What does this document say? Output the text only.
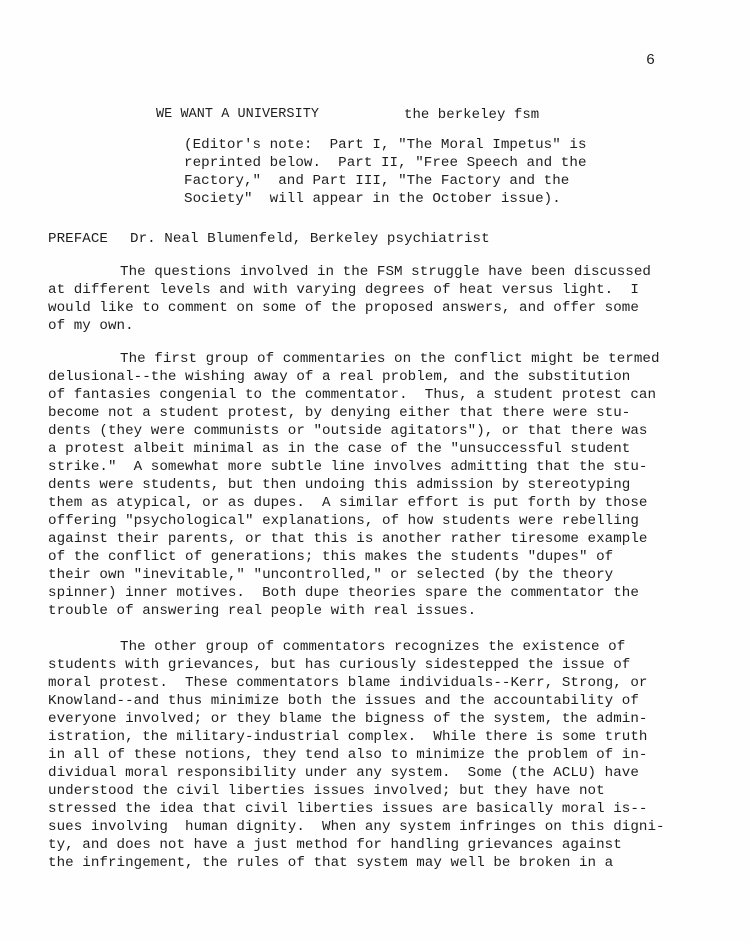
6
WE WANT A UNIVERSITY	the berkeley fsm
(Editor's note:  Part I, "The Moral Impetus" is
reprinted below.  Part II, "Free Speech and the
Factory,"  and Part III, "The Factory and the
Society"  will appear in the October issue).
PREFACE Dr. Neal Blumenfeld, Berkeley psychiatrist
The questions involved in the FSM struggle have been discussed
at different levels and with varying degrees of heat versus light.  I
would like to comment on some of the proposed answers, and offer some
of my own.
The first group of commentaries on the conflict might be termed
delusional--the wishing away of a real problem, and the substitution
of fantasies congenial to the commentator.  Thus, a student protest can
become not a student protest, by denying either that there were stu-
dents (they were communists or "outside agitators"), or that there was
a protest albeit minimal as in the case of the "unsuccessful student
strike."  A somewhat more subtle line involves admitting that the stu-
dents were students, but then undoing this admission by stereotyping
them as atypical, or as dupes.  A similar effort is put forth by those
offering "psychological" explanations, of how students were rebelling
against their parents, or that this is another rather tiresome example
of the conflict of generations; this makes the students "dupes" of
their own "inevitable," "uncontrolled," or selected (by the theory
spinner) inner motives.  Both dupe theories spare the commentator the
trouble of answering real people with real issues.
The other group of commentators recognizes the existence of
students with grievances, but has curiously sidestepped the issue of
moral protest.  These commentators blame individuals--Kerr, Strong, or
Knowland--and thus minimize both the issues and the accountability of
everyone involved; or they blame the bigness of the system, the admin-
istration, the military-industrial complex.  While there is some truth
in all of these notions, they tend also to minimize the problem of in-
dividual moral responsibility under any system.  Some (the ACLU) have
understood the civil liberties issues involved; but they have not
stressed the idea that civil liberties issues are basically moral is--
sues involving  human dignity.  When any system infringes on this digni-
ty, and does not have a just method for handling grievances against
the infringement, the rules of that system may well be broken in a
